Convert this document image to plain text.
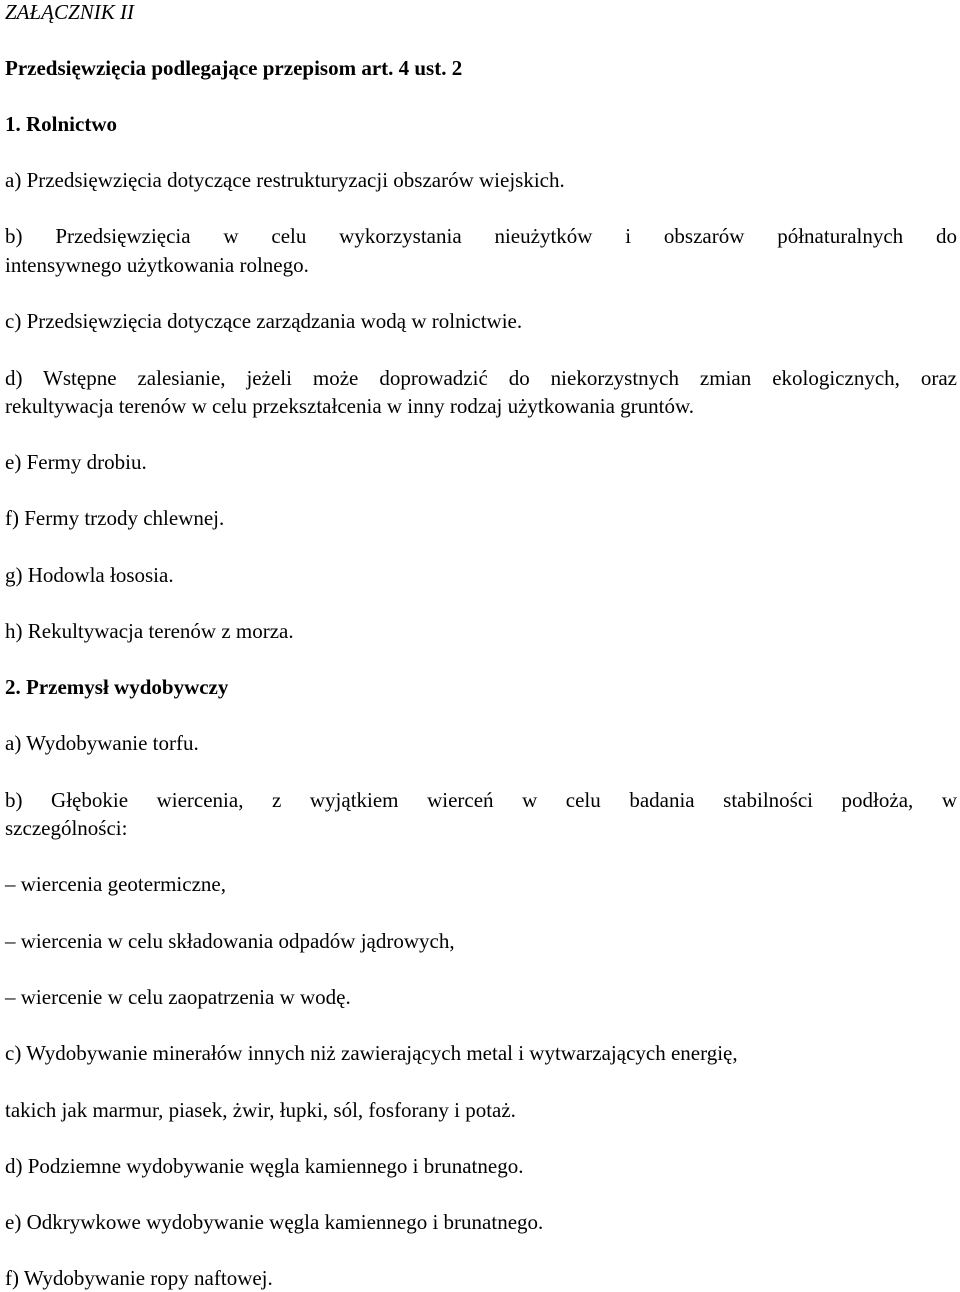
ZAŁĄCZNIK II
Przedsięwzięcia podlegające przepisom art. 4 ust. 2
1. Rolnictwo
a) Przedsięwzięcia dotyczące restrukturyzacji obszarów wiejskich.
b) Przedsięwzięcia w celu wykorzystania nieużytków i obszarów półnaturalnych do
intensywnego użytkowania rolnego.
c) Przedsięwzięcia dotyczące zarządzania wodą w rolnictwie.
d) Wstępne zalesianie, jeżeli może doprowadzić do niekorzystnych zmian ekologicznych, oraz
rekultywacja terenów w celu przekształcenia w inny rodzaj użytkowania gruntów.
e) Fermy drobiu.
f) Fermy trzody chlewnej.
g) Hodowla łososia.
h) Rekultywacja terenów z morza.
2. Przemysł wydobywczy
a) Wydobywanie torfu.
b) Głębokie wiercenia, z wyjątkiem wierceń w celu badania stabilności podłoża, w
szczególności:
– wiercenia geotermiczne,
– wiercenia w celu składowania odpadów jądrowych,
– wiercenie w celu zaopatrzenia w wodę.
c) Wydobywanie minerałów innych niż zawierających metal i wytwarzających energię,
takich jak marmur, piasek, żwir, łupki, sól, fosforany i potaż.
d) Podziemne wydobywanie węgla kamiennego i brunatnego.
e) Odkrywkowe wydobywanie węgla kamiennego i brunatnego.
f) Wydobywanie ropy naftowej.
